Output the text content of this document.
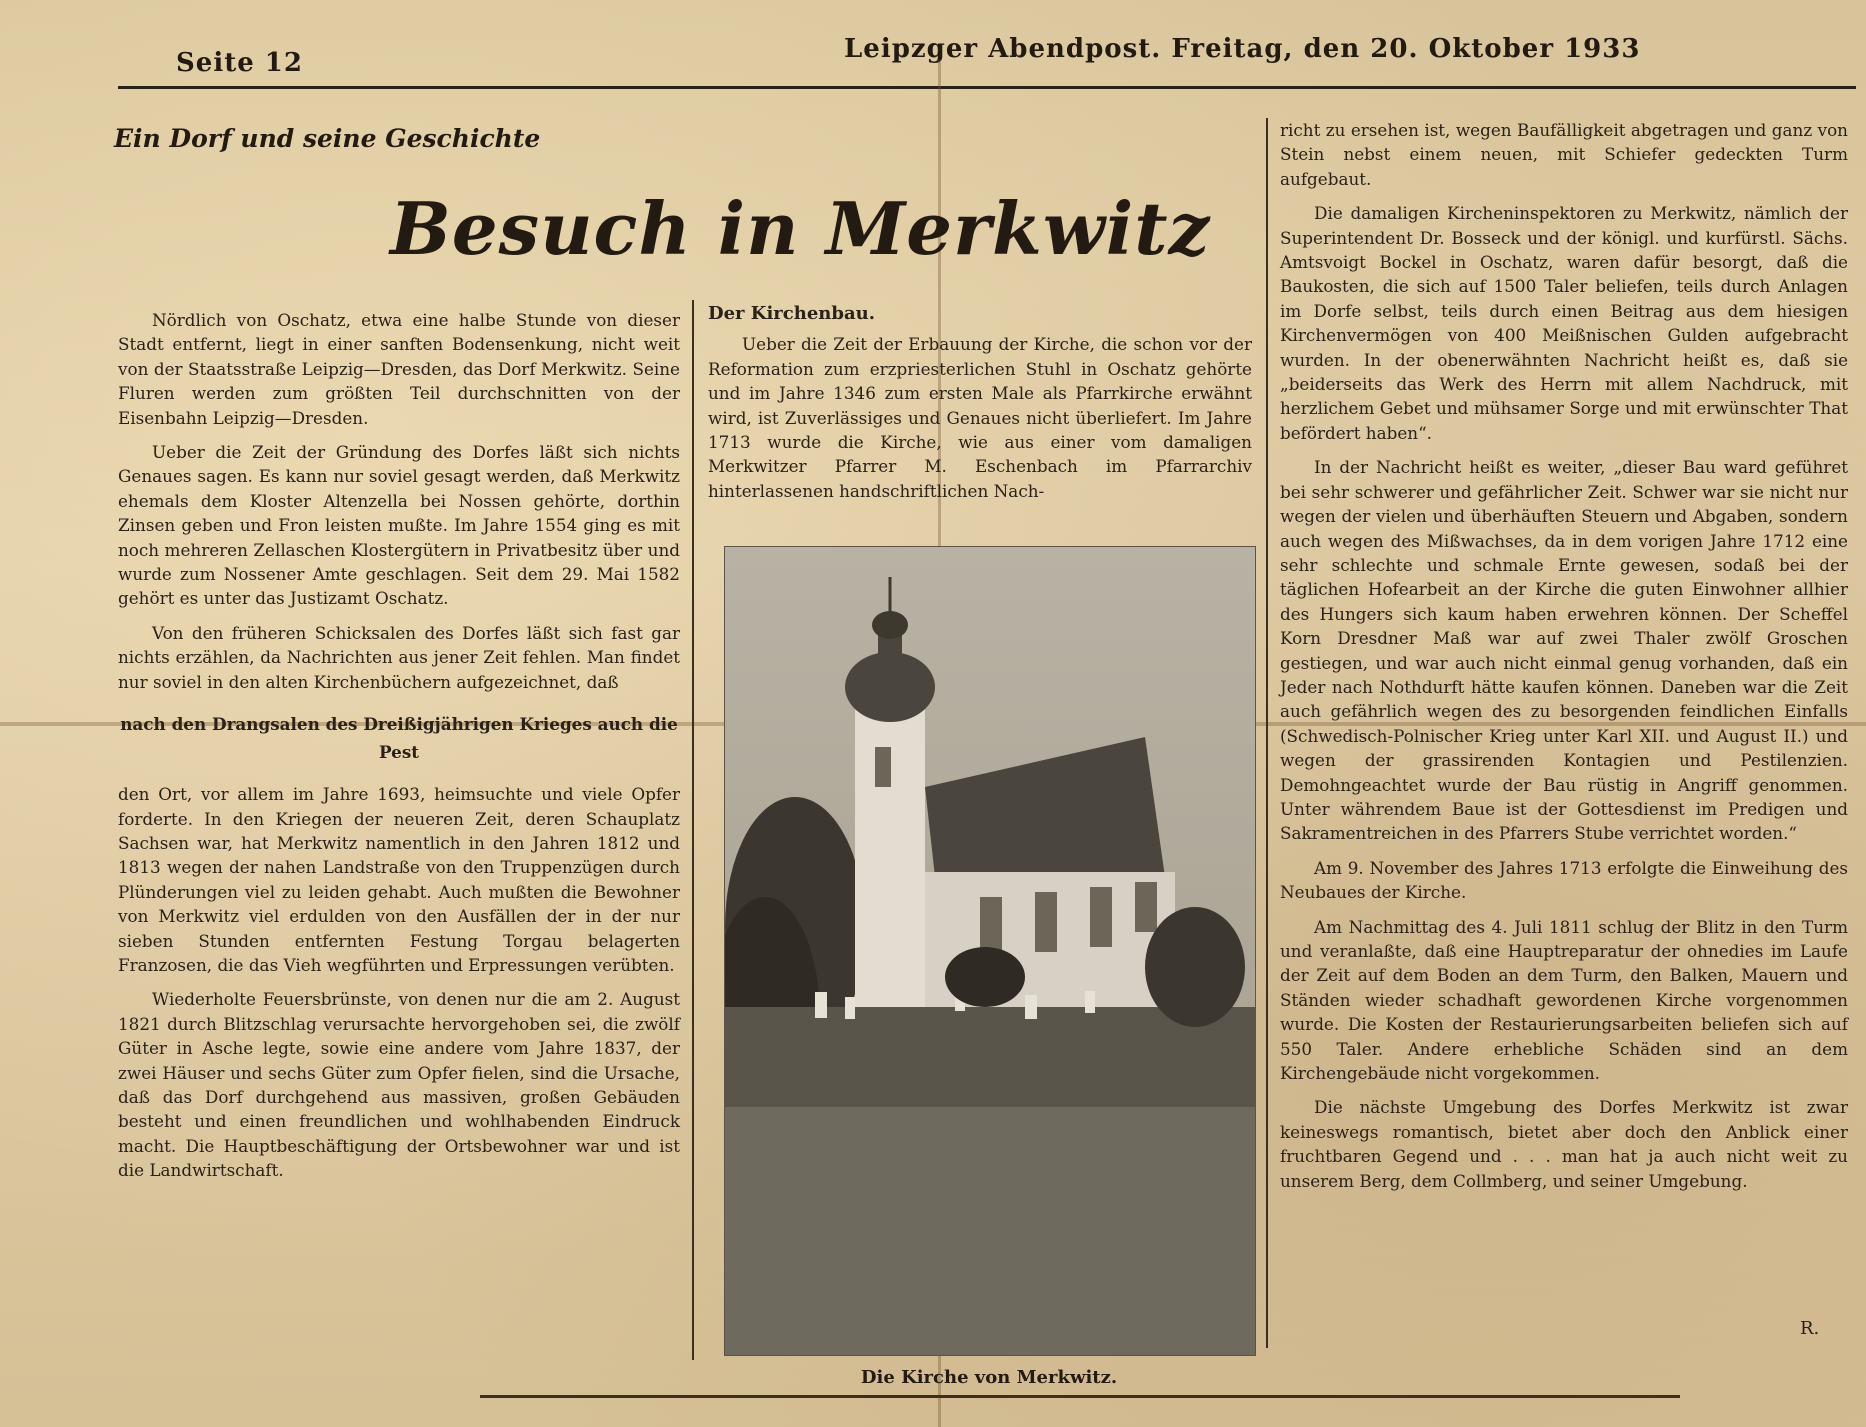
Seite 12	Leipzger Abendpost. Freitag, den 20. Oktober 1933
Ein Dorf und seine Geschichte
Besuch in Merkwitz

Nördlich von Oschatz, etwa eine halbe Stunde von dieser Stadt entfernt, liegt in einer sanften Bodensenkung, nicht weit von der Staatsstraße Leipzig—Dresden, das Dorf Merkwitz. Seine Fluren werden zum größten Teil durchschnitten von der Eisenbahn Leipzig—Dresden.

Ueber die Zeit der Gründung des Dorfes läßt sich nichts Genaues sagen. Es kann nur soviel gesagt werden, daß Merkwitz ehemals dem Kloster Altenzella bei Nossen gehörte, dorthin Zinsen geben und Fron leisten mußte. Im Jahre 1554 ging es mit noch mehreren Zellaschen Klostergütern in Privatbesitz über und wurde zum Nossener Amte geschlagen. Seit dem 29. Mai 1582 gehört es unter das Justizamt Oschatz.

Von den früheren Schicksalen des Dorfes läßt sich fast gar nichts erzählen, da Nachrichten aus jener Zeit fehlen. Man findet nur soviel in den alten Kirchenbüchern aufgezeichnet, daß

nach den Drangsalen des Dreißigjährigen Krieges auch die Pest

den Ort, vor allem im Jahre 1693, heimsuchte und viele Opfer forderte. In den Kriegen der neueren Zeit, deren Schauplatz Sachsen war, hat Merkwitz namentlich in den Jahren 1812 und 1813 wegen der nahen Landstraße von den Truppenzügen durch Plünderungen viel zu leiden gehabt. Auch mußten die Bewohner von Merkwitz viel erdulden von den Ausfällen der in der nur sieben Stunden entfernten Festung Torgau belagerten Franzosen, die das Vieh wegführten und Erpressungen verübten.

Wiederholte Feuersbrünste, von denen nur die am 2. August 1821 durch Blitzschlag verursachte hervorgehoben sei, die zwölf Güter in Asche legte, sowie eine andere vom Jahre 1837, der zwei Häuser und sechs Güter zum Opfer fielen, sind die Ursache, daß das Dorf durchgehend aus massiven, großen Gebäuden besteht und einen freundlichen und wohlhabenden Eindruck macht. Die Hauptbeschäftigung der Ortsbewohner war und ist die Landwirtschaft.

Der Kirchenbau.

Ueber die Zeit der Erbauung der Kirche, die schon vor der Reformation zum erzpriesterlichen Stuhl in Oschatz gehörte und im Jahre 1346 zum ersten Male als Pfarrkirche erwähnt wird, ist Zuverlässiges und Genaues nicht überliefert. Im Jahre 1713 wurde die Kirche, wie aus einer vom damaligen Merkwitzer Pfarrer M. Eschenbach im Pfarrarchiv hinterlassenen handschriftlichen Nach-

Die Kirche von Merkwitz.

richt zu ersehen ist, wegen Baufälligkeit abgetragen und ganz von Stein nebst einem neuen, mit Schiefer gedeckten Turm aufgebaut.

Die damaligen Kircheninspektoren zu Merkwitz, nämlich der Superintendent Dr. Bosseck und der königl. und kurfürstl. Sächs. Amtsvoigt Bockel in Oschatz, waren dafür besorgt, daß die Baukosten, die sich auf 1500 Taler beliefen, teils durch Anlagen im Dorfe selbst, teils durch einen Beitrag aus dem hiesigen Kirchenvermögen von 400 Meißnischen Gulden aufgebracht wurden. In der obenerwähnten Nachricht heißt es, daß sie „beiderseits das Werk des Herrn mit allem Nachdruck, mit herzlichem Gebet und mühsamer Sorge und mit erwünschter That befördert haben“.

In der Nachricht heißt es weiter, „dieser Bau ward geführet bei sehr schwerer und gefährlicher Zeit. Schwer war sie nicht nur wegen der vielen und überhäuften Steuern und Abgaben, sondern auch wegen des Mißwachses, da in dem vorigen Jahre 1712 eine sehr schlechte und schmale Ernte gewesen, sodaß bei der täglichen Hofearbeit an der Kirche die guten Einwohner allhier des Hungers sich kaum haben erwehren können. Der Scheffel Korn Dresdner Maß war auf zwei Thaler zwölf Groschen gestiegen, und war auch nicht einmal genug vorhanden, daß ein Jeder nach Nothdurft hätte kaufen können. Daneben war die Zeit auch gefährlich wegen des zu besorgenden feindlichen Einfalls (Schwedisch-Polnischer Krieg unter Karl XII. und August II.) und wegen der grassirenden Kontagien und Pestilenzien. Demohngeachtet wurde der Bau rüstig in Angriff genommen. Unter währendem Baue ist der Gottesdienst im Predigen und Sakramentreichen in des Pfarrers Stube verrichtet worden.“

Am 9. November des Jahres 1713 erfolgte die Einweihung des Neubaues der Kirche.

Am Nachmittag des 4. Juli 1811 schlug der Blitz in den Turm und veranlaßte, daß eine Hauptreparatur der ohnedies im Laufe der Zeit auf dem Boden an dem Turm, den Balken, Mauern und Ständen wieder schadhaft gewordenen Kirche vorgenommen wurde. Die Kosten der Restaurierungsarbeiten beliefen sich auf 550 Taler. Andere erhebliche Schäden sind an dem Kirchengebäude nicht vorgekommen.

Die nächste Umgebung des Dorfes Merkwitz ist zwar keineswegs romantisch, bietet aber doch den Anblick einer fruchtbaren Gegend und . . . man hat ja auch nicht weit zu unserem Berg, dem Collmberg, und seiner Umgebung.

R.
